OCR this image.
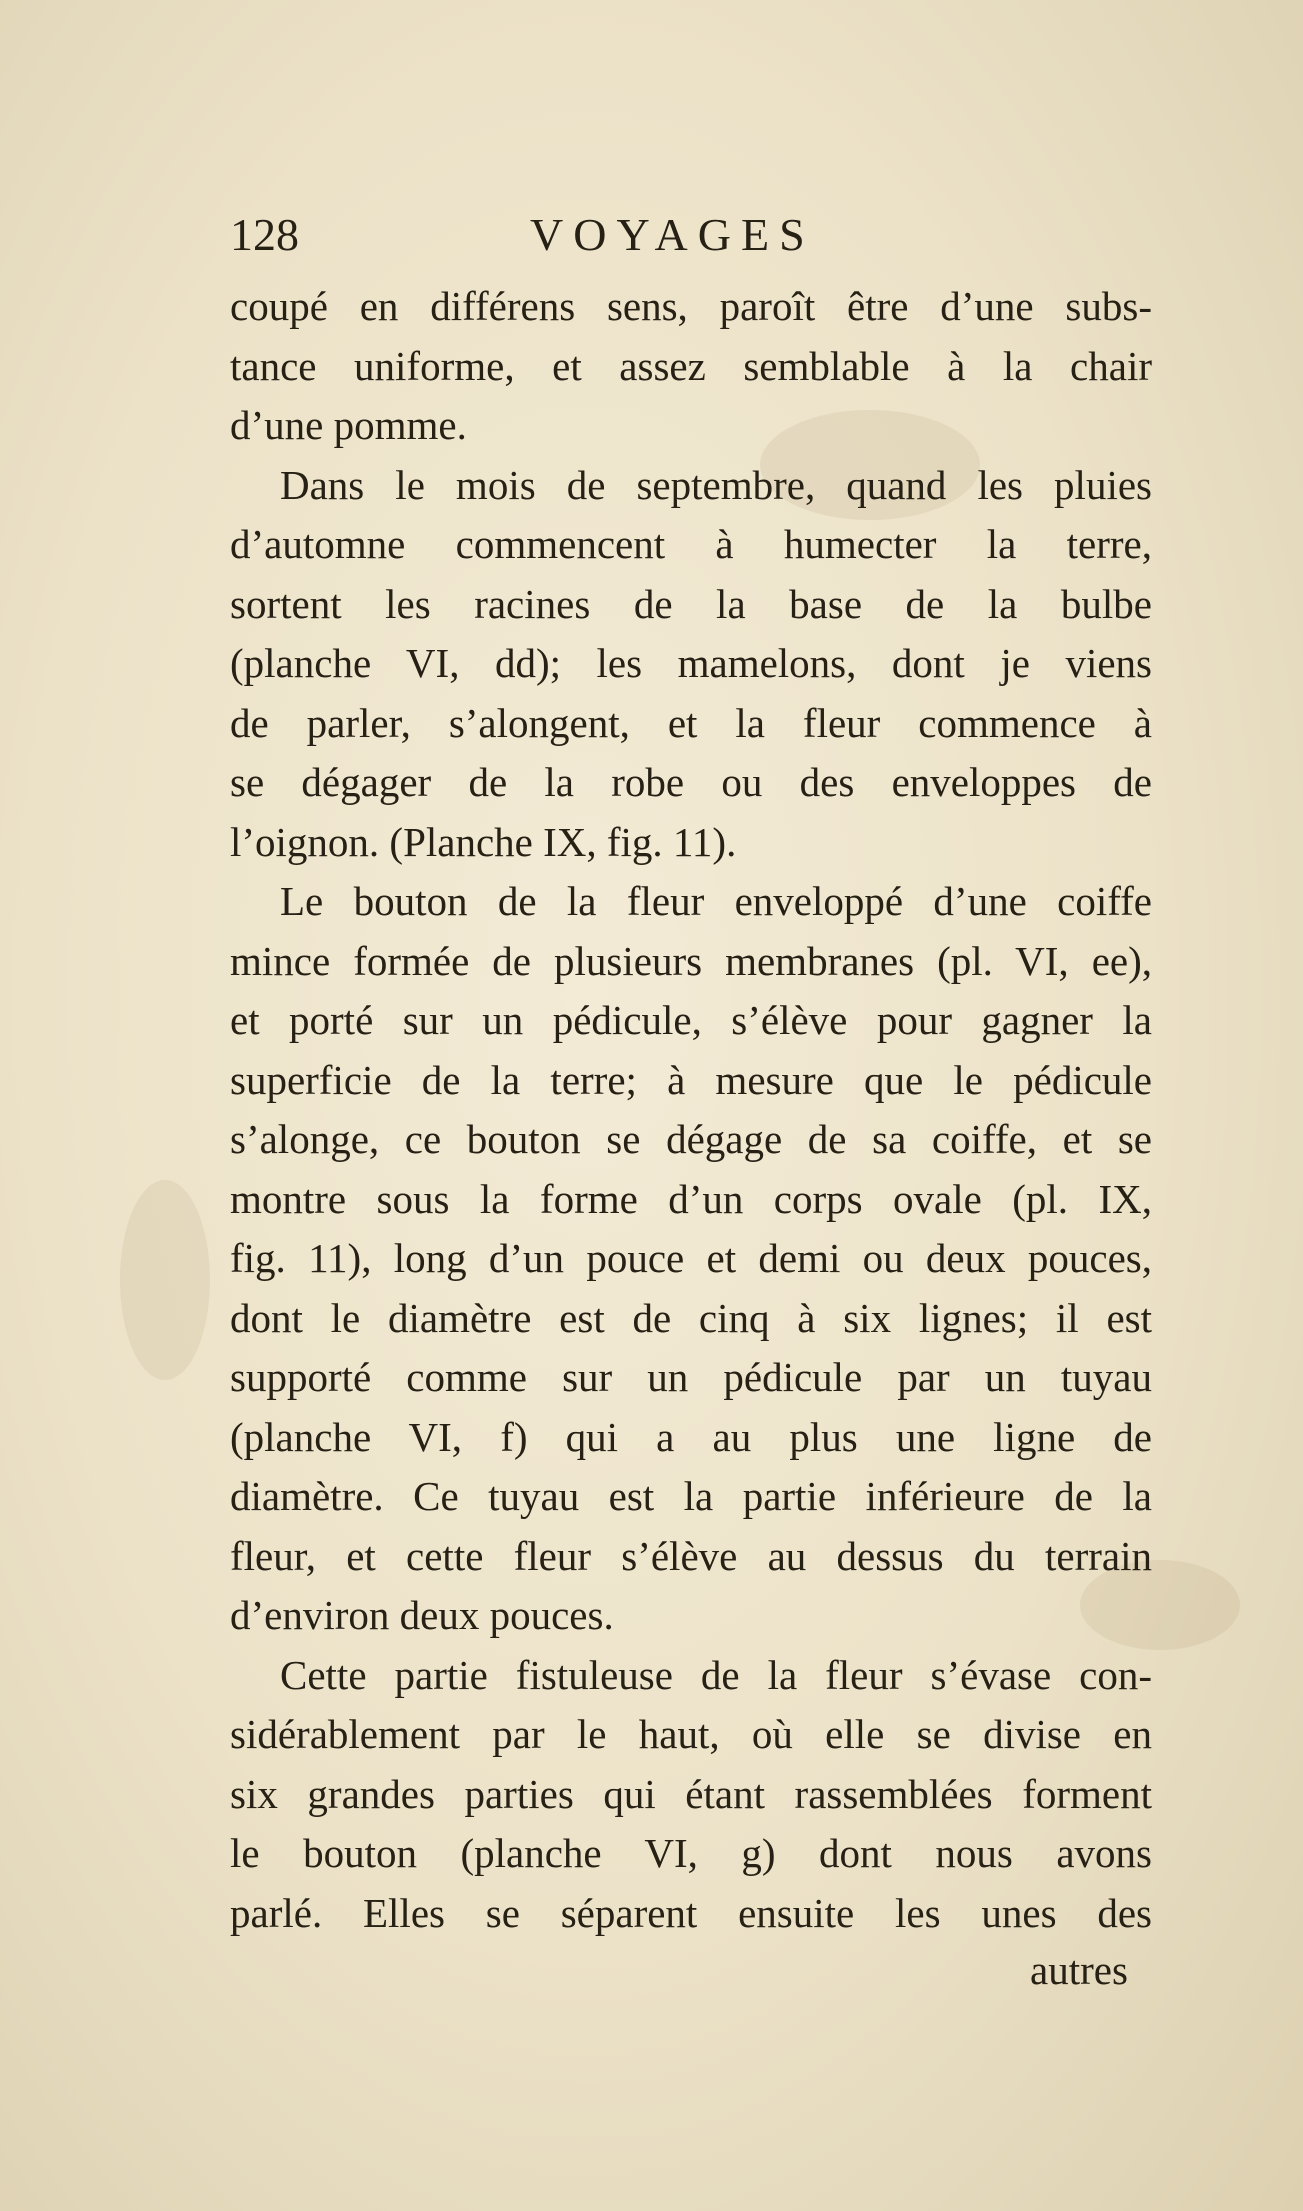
128	VOYAGES
coupé en différens sens, paroît être d’une subs-
tance uniforme, et assez semblable à la chair
d’une pomme.
Dans le mois de septembre, quand les pluies
d’automne commencent à humecter la terre,
sortent les racines de la base de la bulbe
(planche VI, dd); les mamelons, dont je viens
de parler, s’alongent, et la fleur commence à
se dégager de la robe ou des enveloppes de
l’oignon. (Planche IX, fig. 11).
Le bouton de la fleur enveloppé d’une coiffe
mince formée de plusieurs membranes (pl. VI, ee),
et porté sur un pédicule, s’élève pour gagner la
superficie de la terre; à mesure que le pédicule
s’alonge, ce bouton se dégage de sa coiffe, et se
montre sous la forme d’un corps ovale (pl. IX,
fig. 11), long d’un pouce et demi ou deux pouces,
dont le diamètre est de cinq à six lignes; il est
supporté comme sur un pédicule par un tuyau
(planche VI, f) qui a au plus une ligne de
diamètre. Ce tuyau est la partie inférieure de la
fleur, et cette fleur s’élève au dessus du terrain
d’environ deux pouces.
Cette partie fistuleuse de la fleur s’évase con-
sidérablement par le haut, où elle se divise en
six grandes parties qui étant rassemblées forment
le bouton (planche VI, g) dont nous avons
parlé. Elles se séparent ensuite les unes des
autres
